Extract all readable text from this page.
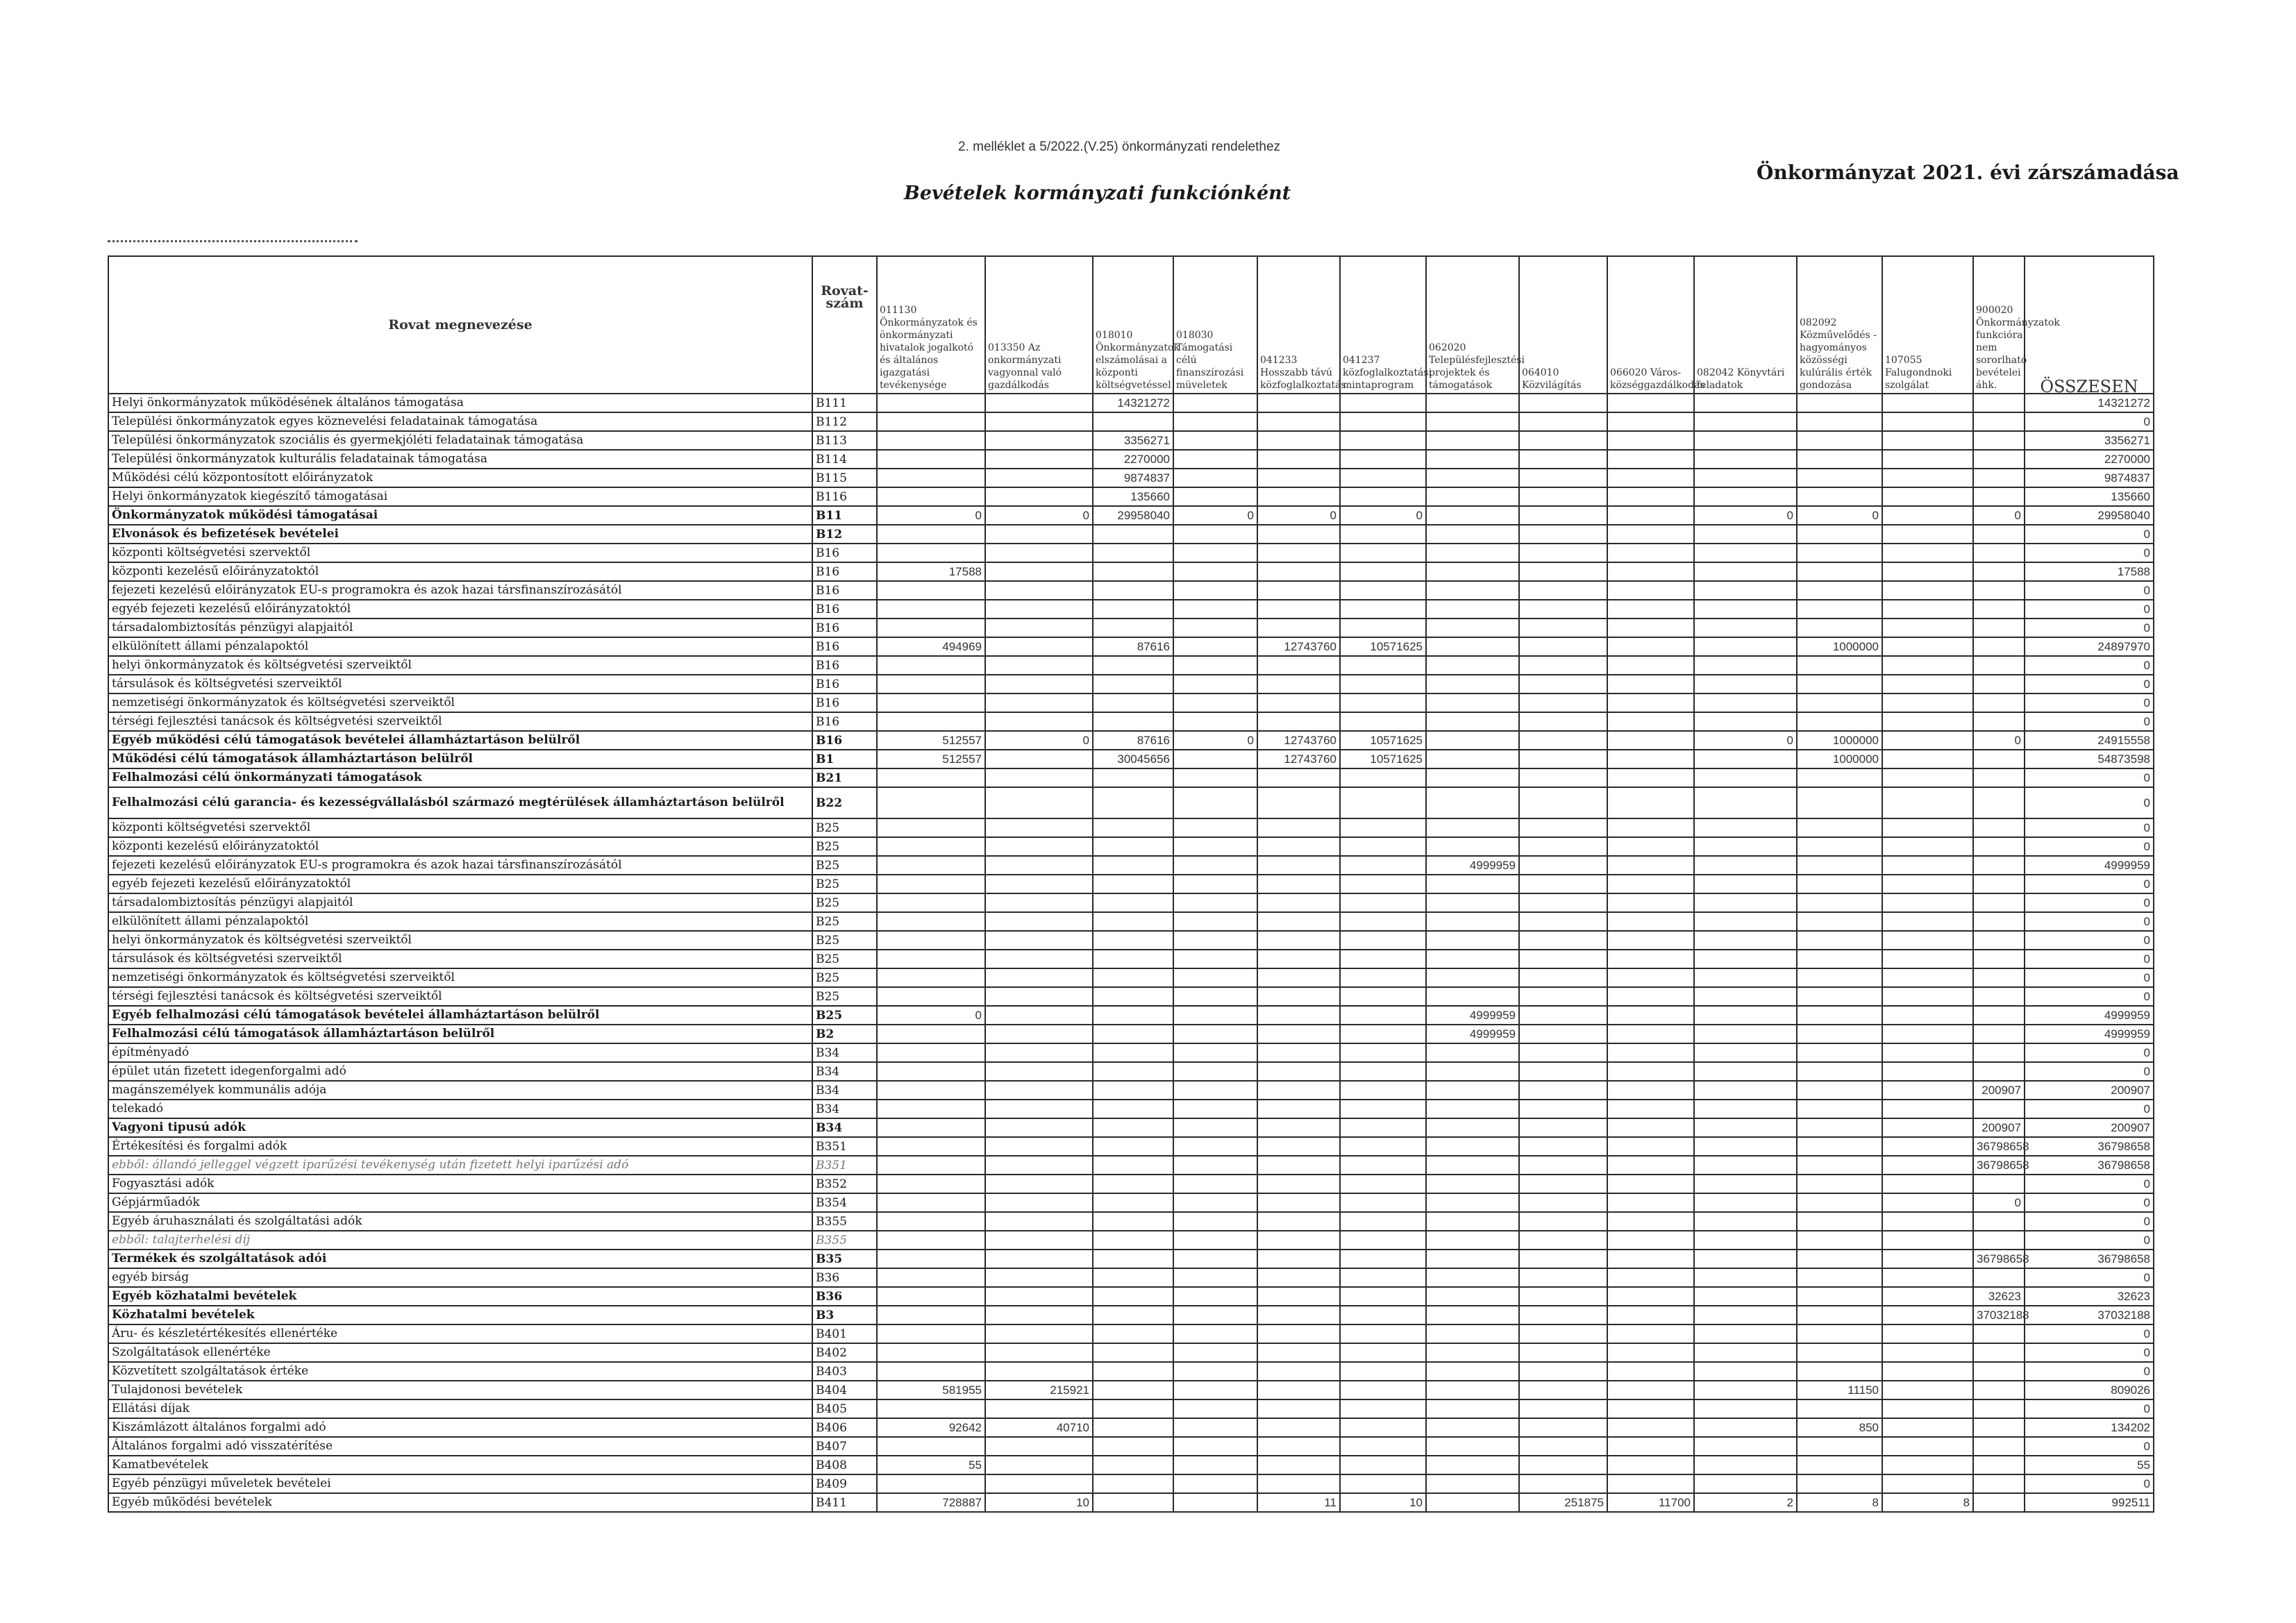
2. melléklet a 5/2022.(V.25) önkormányzati rendelethez
Bevételek kormányzati funkciónként
Önkormányzat 2021. évi zárszámadása
Rovat megnevezése	Rovat-szám	011130 Önkormányzatok és önkormányzati hivatalok jogalkotó és általános igazgatási tevékenysége	013350 Az onkormányzati vagyonnal való gazdálkodás	018010 Önkormányzatok elszámolásai a központi költségvetéssel	018030 Támogatási célú finanszírozási müveletek	041233 Hosszabb távú közfoglalkoztatás	041237 közfoglalkoztatási mintaprogram	062020 Településfejlesztési projektek és támogatások	064010 Közvilágítás	066020 Város-községgazdálkodás	082042 Könyvtári feladatok	082092 Közművelődés - hagyományos közösségi kulúrális érték gondozása	107055 Falugondnoki szolgálat	900020 Önkormányzatok funkcióra nem sororlható bevételei áhk.	ÖSSZESEN
Helyi önkormányzatok működésének általános támogatása	B111			14321272											14321272
Települési önkormányzatok egyes köznevelési feladatainak támogatása	B112														0
Települési önkormányzatok szociális és gyermekjóléti feladatainak támogatása	B113			3356271											3356271
Települési önkormányzatok kulturális feladatainak támogatása	B114			2270000											2270000
Működési célú központosított előirányzatok	B115			9874837											9874837
Helyi önkormányzatok kiegészítő támogatásai	B116			135660											135660
Önkormányzatok működési támogatásai	B11	0	0	29958040	0	0	0				0	0		0	29958040
Elvonások és befizetések bevételei	B12														0
központi költségvetési szervektől	B16														0
központi kezelésű előirányzatoktól	B16	17588													17588
fejezeti kezelésű előirányzatok EU-s programokra és azok hazai társfinanszírozásától	B16														0
egyéb fejezeti kezelésű előirányzatoktól	B16														0
társadalombiztosítás pénzügyi alapjaitól	B16														0
elkülönített állami pénzalapoktól	B16	494969		87616		12743760	10571625					1000000			24897970
helyi önkormányzatok és költségvetési szerveiktől	B16														0
társulások és költségvetési szerveiktől	B16														0
nemzetiségi önkormányzatok és költségvetési szerveiktől	B16														0
térségi fejlesztési tanácsok és költségvetési szerveiktől	B16														0
Egyéb működési célú támogatások bevételei államháztartáson belülről	B16	512557	0	87616	0	12743760	10571625				0	1000000		0	24915558
Működési célú támogatások államháztartáson belülről	B1	512557		30045656		12743760	10571625					1000000			54873598
Felhalmozási célú önkormányzati támogatások	B21														0
Felhalmozási célú garancia- és kezességvállalásból származó megtérülések államháztartáson belülről	B22														0
központi költségvetési szervektől	B25														0
központi kezelésű előirányzatoktól	B25														0
fejezeti kezelésű előirányzatok EU-s programokra és azok hazai társfinanszírozásától	B25							4999959							4999959
egyéb fejezeti kezelésű előirányzatoktól	B25														0
társadalombiztosítás pénzügyi alapjaitól	B25														0
elkülönített állami pénzalapoktól	B25														0
helyi önkormányzatok és költségvetési szerveiktől	B25														0
társulások és költségvetési szerveiktől	B25														0
nemzetiségi önkormányzatok és költségvetési szerveiktől	B25														0
térségi fejlesztési tanácsok és költségvetési szerveiktől	B25														0
Egyéb felhalmozási célú támogatások bevételei államháztartáson belülről	B25	0						4999959							4999959
Felhalmozási célú támogatások államháztartáson belülről	B2							4999959							4999959
építményadó	B34														0
épület után fizetett idegenforgalmi adó	B34														0
magánszemélyek kommunális adója	B34													200907	200907
telekadó	B34														0
Vagyoni tipusú adók	B34													200907	200907
Értékesítési és forgalmi adók	B351													36798658	36798658
ebből: állandó jelleggel végzett iparűzési tevékenység után fizetett helyi iparűzési adó	B351													36798658	36798658
Fogyasztási adók	B352														0
Gépjárműadók	B354													0	0
Egyéb áruhasználati és szolgáltatási adók	B355														0
ebből: talajterhelési díj	B355														0
Termékek és szolgáltatások adói	B35													36798658	36798658
egyéb birság	B36														0
Egyéb közhatalmi bevételek	B36													32623	32623
Közhatalmi bevételek	B3													37032188	37032188
Áru- és készletértékesítés ellenértéke	B401														0
Szolgáltatások ellenértéke	B402														0
Közvetített szolgáltatások értéke	B403														0
Tulajdonosi bevételek	B404	581955	215921									11150			809026
Ellátási díjak	B405														0
Kiszámlázott általános forgalmi adó	B406	92642	40710									850			134202
Általános forgalmi adó visszatérítése	B407														0
Kamatbevételek	B408	55													55
Egyéb pénzügyi műveletek bevételei	B409														0
Egyéb működési bevételek	B411	728887	10			11	10		251875	11700	2	8	8		992511
